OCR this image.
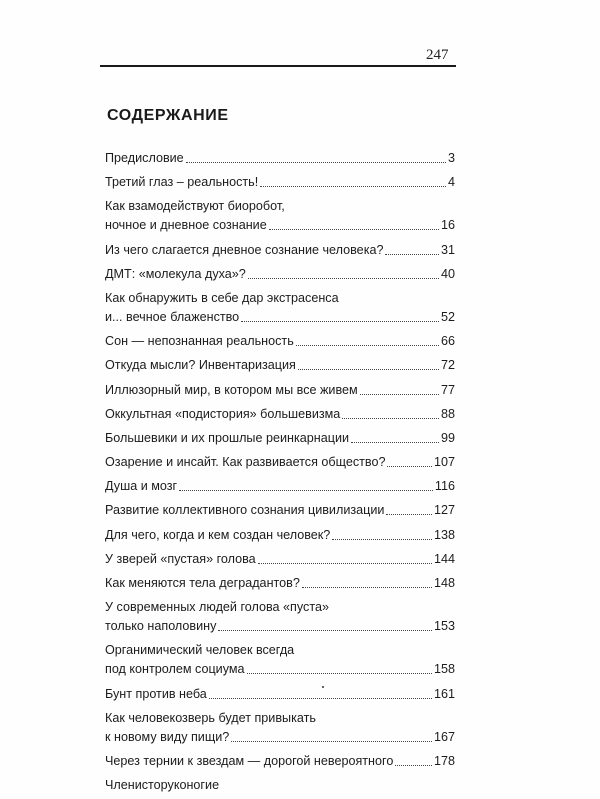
247
СОДЕРЖАНИЕ
Предисловие	3
Третий глаз – реальность!	4
Как взамодействуют биоробот,
ночное и дневное сознание	16
Из чего слагается дневное сознание человека?	31
ДМТ: «молекула духа»?	40
Как обнаружить в себе дар экстрасенса
и... вечное блаженство	52
Сон — непознанная реальность	66
Откуда мысли? Инвентаризация	72
Иллюзорный мир, в котором мы все живем	77
Оккультная «подистория» большевизма	88
Большевики и их прошлые реинкарнации	99
Озарение и инсайт. Как развивается общество?	107
Душа и мозг	116
Развитие коллективного сознания цивилизации	127
Для чего, когда и кем создан человек?	138
У зверей «пустая» голова	144
Как меняются тела деградантов?	148
У современных людей голова «пуста»
только наполовину	153
Органимический человек всегда
под контролем социума	158
Бунт против неба	161
Как человекозверь будет привыкать
к новому виду пищи?	167
Через тернии к звездам — дорогой невероятного	178
Членисторуконогие
